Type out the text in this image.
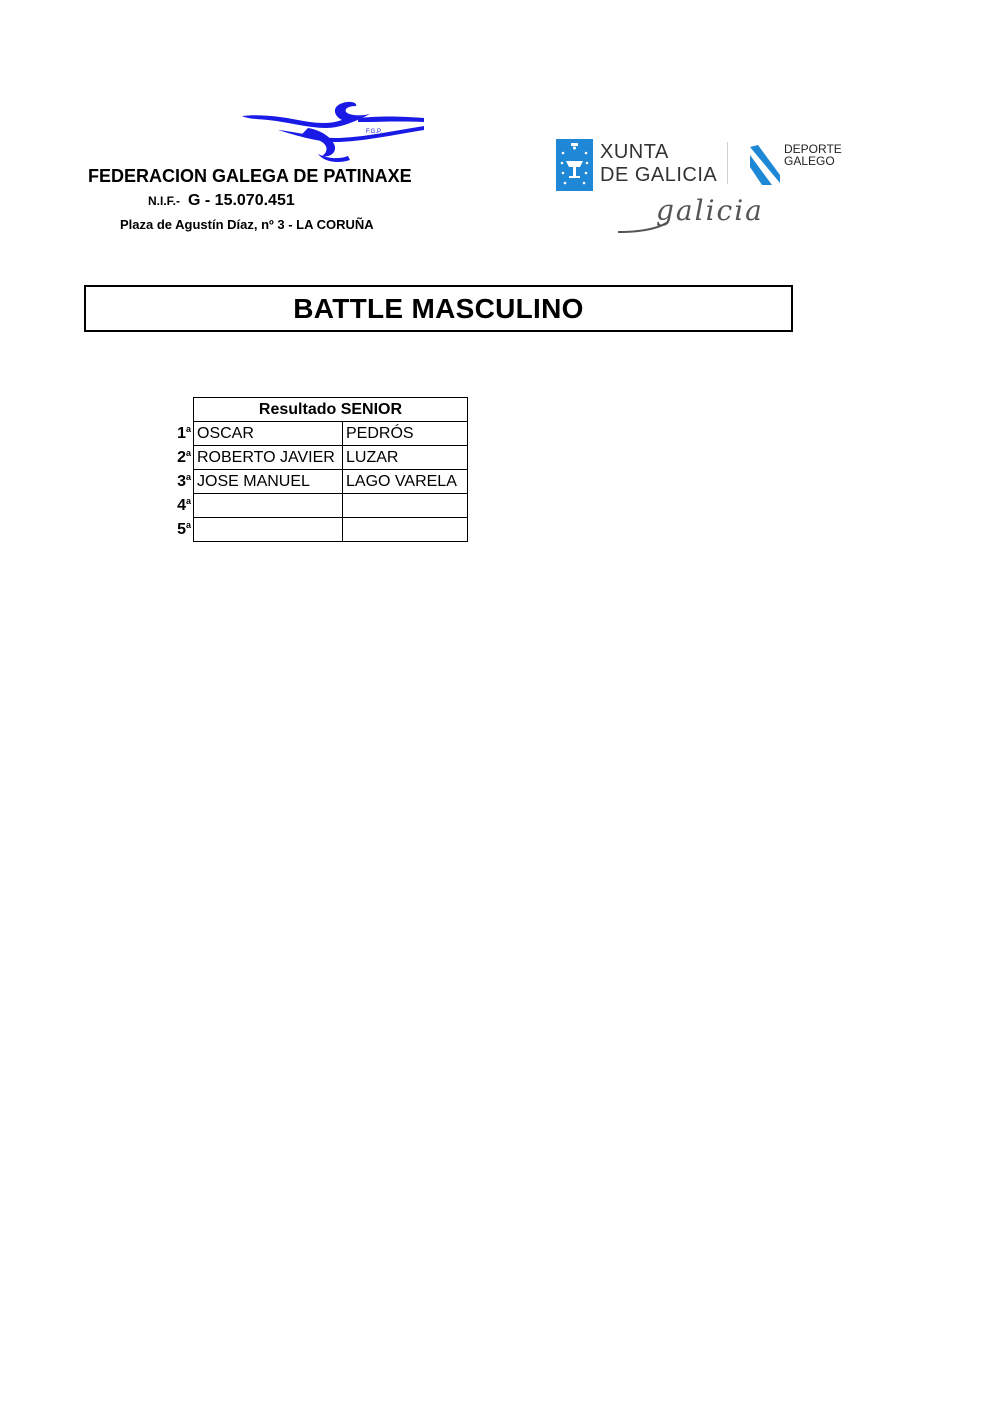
F.G.P.
FEDERACION GALEGA DE PATINAXE
N.I.F.- G - 15.070.451
Plaza de Agustín Díaz, nº 3 - LA CORUÑA
XUNTA
DE GALICIA
DEPORTE
GALEGO
galicia
BATTLE MASCULINO
	Resultado SENIOR	
1$^a$	OSCAR	PEDRÓS
2$^a$	ROBERTO JAVIER	LUZAR
3$^a$	JOSE MANUEL	LAGO VARELA
4$^a$		
5$^a$		
